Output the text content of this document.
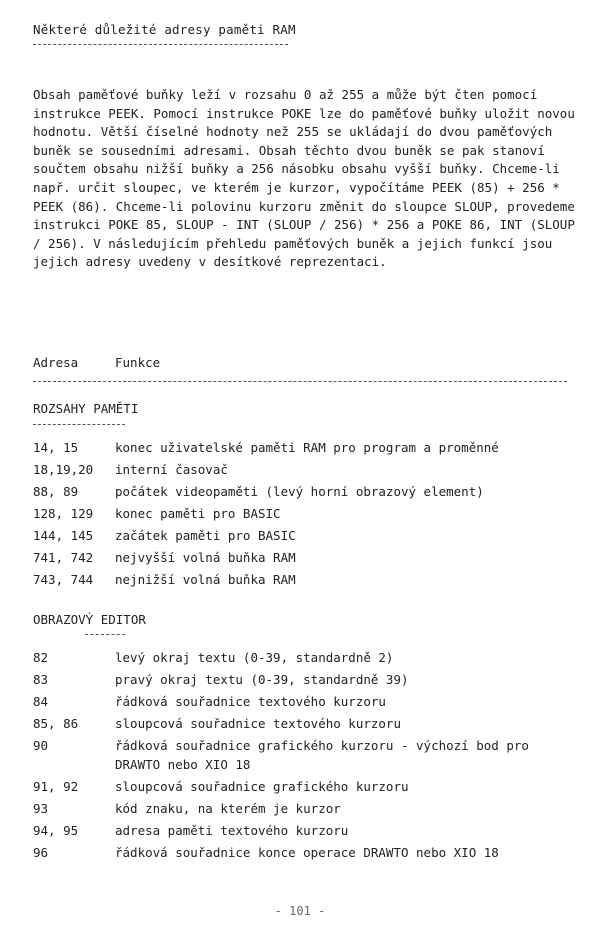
Některé důležité adresy paměti RAM
Obsah paměťové buňky leží v rozsahu 0 až 255 a může být čten pomocí
instrukce PEEK. Pomocí instrukce POKE lze do paměťové buňky uložit novou
hodnotu. Větší číselné hodnoty než 255 se ukládají do dvou paměťových
buněk se sousedními adresami. Obsah těchto dvou buněk se pak stanoví
součtem obsahu nižší buňky a 256 násobku obsahu vyšší buňky. Chceme-li
např. určit sloupec, ve kterém je kurzor, vypočítáme PEEK (85) + 256 *
PEEK (86). Chceme-li polovinu kurzoru změnit do sloupce SLOUP, provedeme
instrukci POKE 85, SLOUP - INT (SLOUP / 256) * 256 a POKE 86, INT (SLOUP
/ 256). V následujícím přehledu paměťových buněk a jejich funkcí jsou
jejich adresy uvedeny v desítkové reprezentaci.
Adresa	Funkce
ROZSAHY PAMĚTI
14, 15	konec uživatelské paměti RAM pro program a proměnné
18,19,20 interní časovač
88, 89	počátek videopaměti (levý horní obrazový element)
128, 129 konec paměti pro BASIC
144, 145 začátek paměti pro BASIC
741, 742 nejvyšší volná buňka RAM
743, 744 nejnižší volná buňka RAM
OBRAZOVÝ EDITOR
82	levý okraj textu (0-39, standardně 2)
83	pravý okraj textu (0-39, standardně 39)
84	řádková souřadnice textového kurzoru
85, 86	sloupcová souřadnice textového kurzoru
90	řádková souřadnice grafického kurzoru - výchozí bod pro
DRAWTO nebo XIO 18
91, 92	sloupcová souřadnice grafického kurzoru
93	kód znaku, na kterém je kurzor
94, 95	adresa paměti textového kurzoru
96	řádková souřadnice konce operace DRAWTO nebo XIO 18
- 101 -
